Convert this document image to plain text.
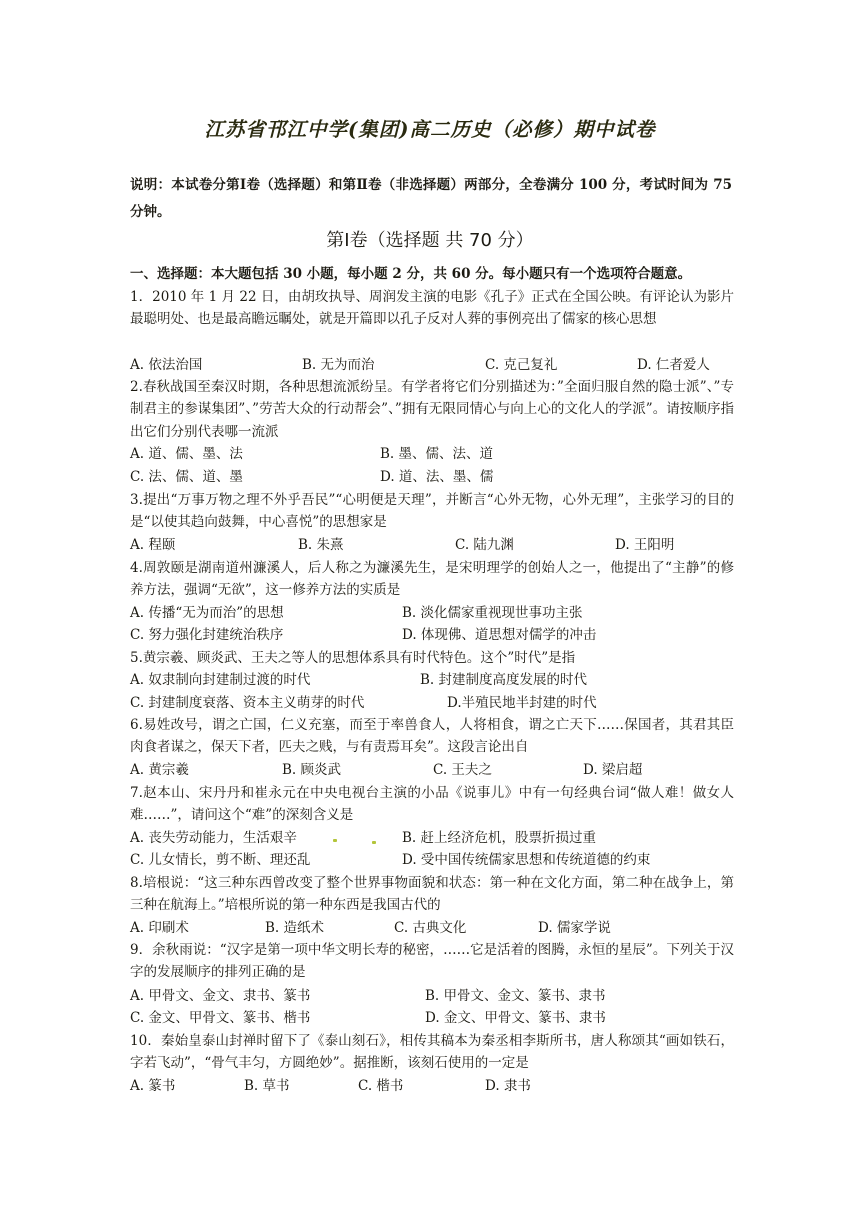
江苏省邗江中学(集团)高二历史（必修）期中试卷
说明：本试卷分第Ⅰ卷（选择题）和第Ⅱ卷（非选择题）两部分，全卷满分 100 分，考试时间为 75 分钟。
第Ⅰ卷（选择题 共 70 分）
一、选择题：本大题包括 30 小题，每小题 2 分，共 60 分。每小题只有一个选项符合题意。
1．2010 年 1 月 22 日，由胡玫执导、周润发主演的电影《孔子》正式在全国公映。有评论认为影片最聪明处、也是最高瞻远瞩处，就是开篇即以孔子反对人葬的事例亮出了儒家的核心思想
A. 依法治国	B. 无为而治	C. 克己复礼	D. 仁者爱人
2.春秋战国至秦汉时期，各种思想流派纷呈。有学者将它们分别描述为：”全面归服自然的隐士派”、”专制君主的参谋集团”、”劳苦大众的行动帮会”、”拥有无限同情心与向上心的文化人的学派”。请按顺序指出它们分别代表哪一流派
A. 道、儒、墨、法	B. 墨、儒、法、道
C. 法、儒、道、墨	D. 道、法、墨、儒
3.提出“万事万物之理不外乎吾民”“心明便是天理”，并断言“心外无物，心外无理”，主张学习的目的是“以使其趋向鼓舞，中心喜悦”的思想家是
A. 程颐	B. 朱熹	C. 陆九渊	D. 王阳明
4.周敦颐是湖南道州濂溪人，后人称之为濂溪先生，是宋明理学的创始人之一，他提出了“主静”的修养方法，强调“无欲”，这一修养方法的实质是
A. 传播“无为而治”的思想	B. 淡化儒家重视现世事功主张
C. 努力强化封建统治秩序	D. 体现佛、道思想对儒学的冲击
5.黄宗羲、顾炎武、王夫之等人的思想体系具有时代特色。这个”时代”是指
A. 奴隶制向封建制过渡的时代	B. 封建制度高度发展的时代
C. 封建制度衰落、资本主义萌芽的时代	D.半殖民地半封建的时代
6.易姓改号，谓之亡国，仁义充塞，而至于率兽食人，人将相食，谓之亡天下……保国者，其君其臣肉食者谋之，保天下者，匹夫之贱，与有责焉耳矣”。这段言论出自
A. 黄宗羲	B. 顾炎武	C. 王夫之	D. 梁启超
7.赵本山、宋丹丹和崔永元在中央电视台主演的小品《说事儿》中有一句经典台词“做人难！做女人难……”，请问这个“难”的深刻含义是
A. 丧失劳动能力，生活艰辛	B. 赶上经济危机，股票折损过重
C. 儿女情长，剪不断、理还乱	D. 受中国传统儒家思想和传统道德的约束
8.培根说：“这三种东西曾改变了整个世界事物面貌和状态：第一种在文化方面，第二种在战争上，第三种在航海上。”培根所说的第一种东西是我国古代的
A. 印刷术	B. 造纸术	C. 古典文化	D. 儒家学说
9．余秋雨说：“汉字是第一项中华文明长寿的秘密，……它是活着的图腾，永恒的星辰”。下列关于汉字的发展顺序的排列正确的是
A. 甲骨文、金文、隶书、篆书	B. 甲骨文、金文、篆书、隶书
C. 金文、甲骨文、篆书、楷书	D. 金文、甲骨文、篆书、隶书
10．秦始皇泰山封禅时留下了《泰山刻石》，相传其稿本为秦丞相李斯所书，唐人称颂其“画如铁石，字若飞动”，“骨气丰匀，方圆绝妙”。据推断，该刻石使用的一定是
A. 篆书	B. 草书	C. 楷书	D. 隶书
